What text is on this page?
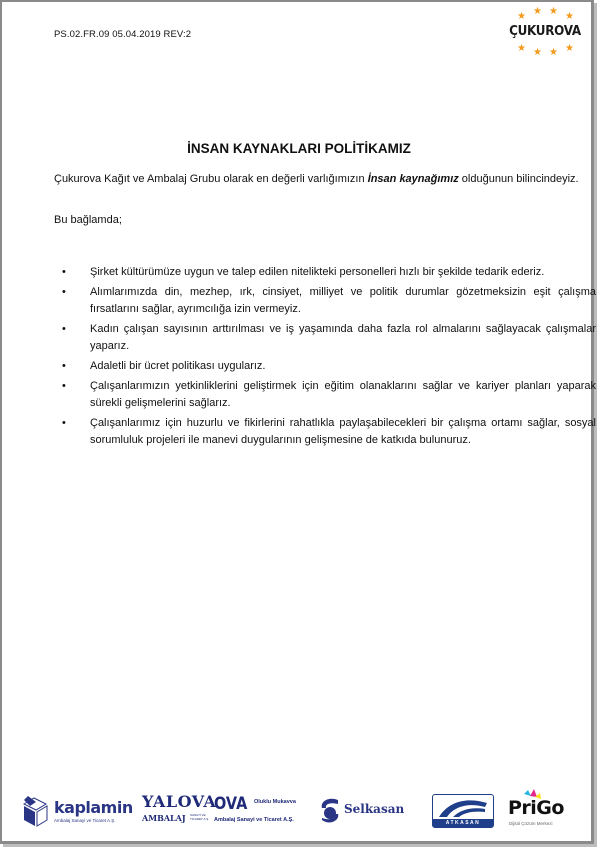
PS.02.FR.09 05.04.2019 REV:2
★ ★ ★ ★
ÇUKUROVA
★ ★ ★ ★
İNSAN KAYNAKLARI POLİTİKAMIZ
Çukurova Kağıt ve Ambalaj Grubu olarak en değerli varlığımızın İnsan kaynağımız olduğunun bilincindeyiz.
Bu bağlamda;
• Şirket kültürümüze uygun ve talep edilen nitelikteki personelleri hızlı bir şekilde tedarik ederiz.
• Alımlarımızda din, mezhep, ırk, cinsiyet, milliyet ve politik durumlar gözetmeksizin eşit çalışma fırsatlarını sağlar, ayrımcılığa izin vermeyiz.
• Kadın çalışan sayısının arttırılması ve iş yaşamında daha fazla rol almalarını sağlayacak çalışmalar yaparız.
• Adaletli bir ücret politikası uygularız.
• Çalışanlarımızın yetkinliklerini geliştirmek için eğitim olanaklarını sağlar ve kariyer planları yaparak sürekli gelişmelerini sağlarız.
• Çalışanlarımız için huzurlu ve fikirlerini rahatlıkla paylaşabilecekleri bir çalışma ortamı sağlar, sosyal sorumluluk projeleri ile manevi duygularının gelişmesine de katkıda bulunuruz.
kaplamin
Ambalaj Sanayi ve Ticaret A.Ş.
YALOVA
AMBALAJ SANAYİ VE TİCARET A.Ş.
OVA Oluklu Mukavva
Ambalaj Sanayi ve Ticaret A.Ş.
Selkasan
ATKASAN
PriGo
Dijital Çözüm Merkezi
